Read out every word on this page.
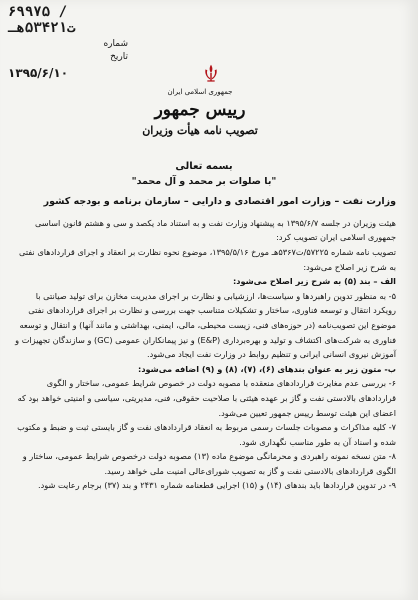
۶۹۹۷۵ /ت۵۳۴۲۱هـ
شماره
تاریخ
۱۳۹۵/۶/۱۰
جمهوری اسلامی ایران
رییس جمهور
تصویب نامه هیأت وزیران

بسمه تعالی

"با صلوات بر محمد و آل محمد"

وزارت نفت – وزارت امور اقتصادی و دارایی – سازمان برنامه و بودجه کشور

هیئت وزیران در جلسه ۱۳۹۵/۶/۷ به پیشنهاد وزارت نفت و به استناد ماد یکصد و سی و هشتم قانون اساسی جمهوری اسلامی ایران تصویب کرد:

تصویب نامه شماره ۵۷۲۲۵/ت۵۳۶۷هـ مورخ ۱۳۹۵/۵/۱۶، موضوع نحوه نظارت بر انعقاد و اجرای قراردادهای نفتی به شرح زیر اصلاح می‌شود:

الف – بند (۵) به شرح زیر اصلاح می‌شود:

۵- به منظور تدوین راهبردها و سیاست‌ها، ارزشیابی و نظارت بر اجرای مدیریت مخازن برای تولید صیانتی با رویکرد انتقال و توسعه فناوری، ساختار و تشکیلات متناسب جهت بررسی و نظارت بر اجرای قراردادهای نفتی موضوع این تصویب‌نامه (در حوزه‌های فنی، زیست محیطی، مالی، ایمنی، بهداشتی و مانند آنها) و انتقال و توسعه فناوری به شرکت‌های اکتشاف و تولید و بهره‌برداری (E&P) و نیز پیمانکاران عمومی (GC) و سازندگان تجهیزات و آموزش نیروی انسانی ایرانی و تنظیم روابط در وزارت نفت ایجاد می‌شود.

ب- متون زیر به عنوان بندهای (۶)، (۷)، (۸) و (۹) اضافه می‌شود:

۶- بررسی عدم مغایرت قراردادهای منعقده با مصوبه دولت در خصوص شرایط عمومی، ساختار و الگوی قراردادهای بالادستی نفت و گاز بر عهده هیئتی با صلاحیت حقوقی، فنی، مدیریتی، سیاسی و امنیتی خواهد بود که اعضای این هیئت توسط رییس جمهور تعیین می‌شود.

۷- کلیه مذاکرات و مصوبات جلسات رسمی مربوط به انعقاد قراردادهای نفت و گاز بایستی ثبت و ضبط و مکتوب شده و اسناد آن به طور مناسب نگهداری شود.

۸- متن نسخه نمونه راهبردی و محرمانگی موضوع ماده (۱۳) مصوبه دولت درخصوص شرایط عمومی، ساختار و الگوی قراردادهای بالادستی نفت و گاز به تصویب شورای‌عالی امنیت ملی خواهد رسید.

۹- در تدوین قراردادها باید بندهای (۱۴) و (۱۵) اجرایی قطعنامه شماره ۲۴۳۱ و بند (۳۷) برجام رعایت شود.
